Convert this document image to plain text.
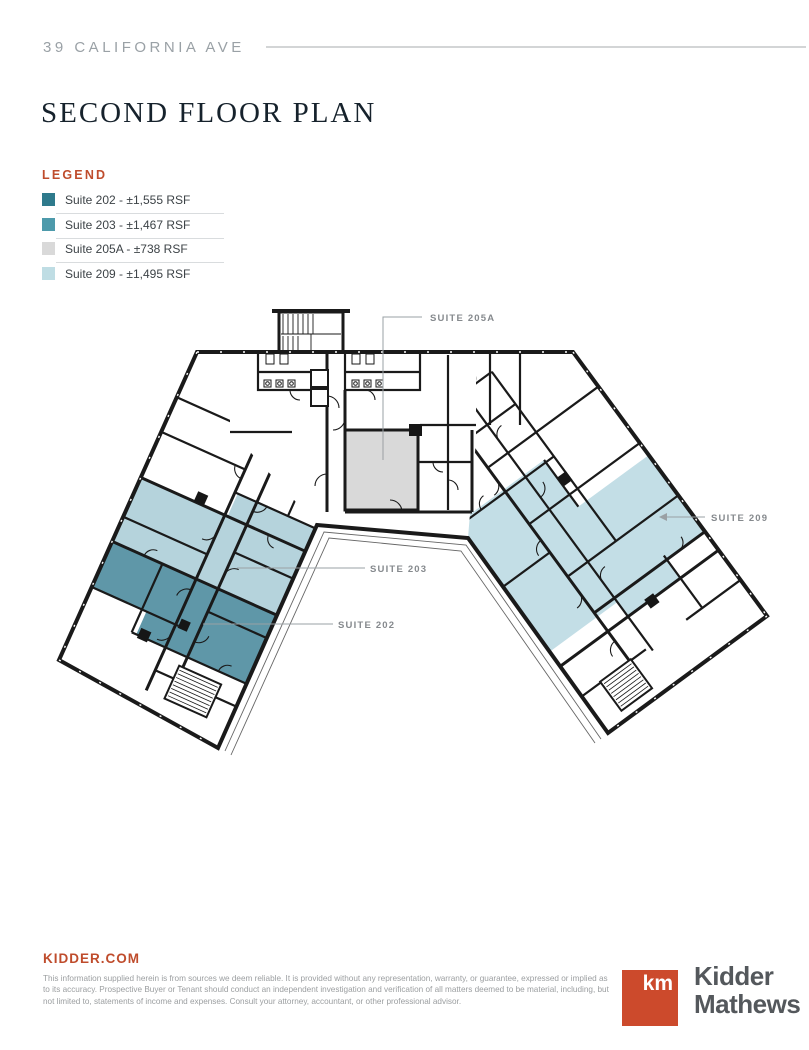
39 CALIFORNIA AVE
SECOND FLOOR PLAN
LEGEND
Suite 202 - ±1,555 RSF
Suite 203 - ±1,467 RSF
Suite 205A - ±738 RSF
Suite 209 - ±1,495 RSF
SUITE 205A
SUITE 203
SUITE 202
SUITE 209
KIDDER.COM
This information supplied herein is from sources we deem reliable. It is provided without any representation, warranty, or guarantee, expressed or implied as to its accuracy. Prospective Buyer or Tenant should conduct an independent investigation and verification of all matters deemed to be material, including, but not limited to, statements of income and expenses. Consult your attorney, accountant, or other professional advisor.
km Kidder
Mathews
